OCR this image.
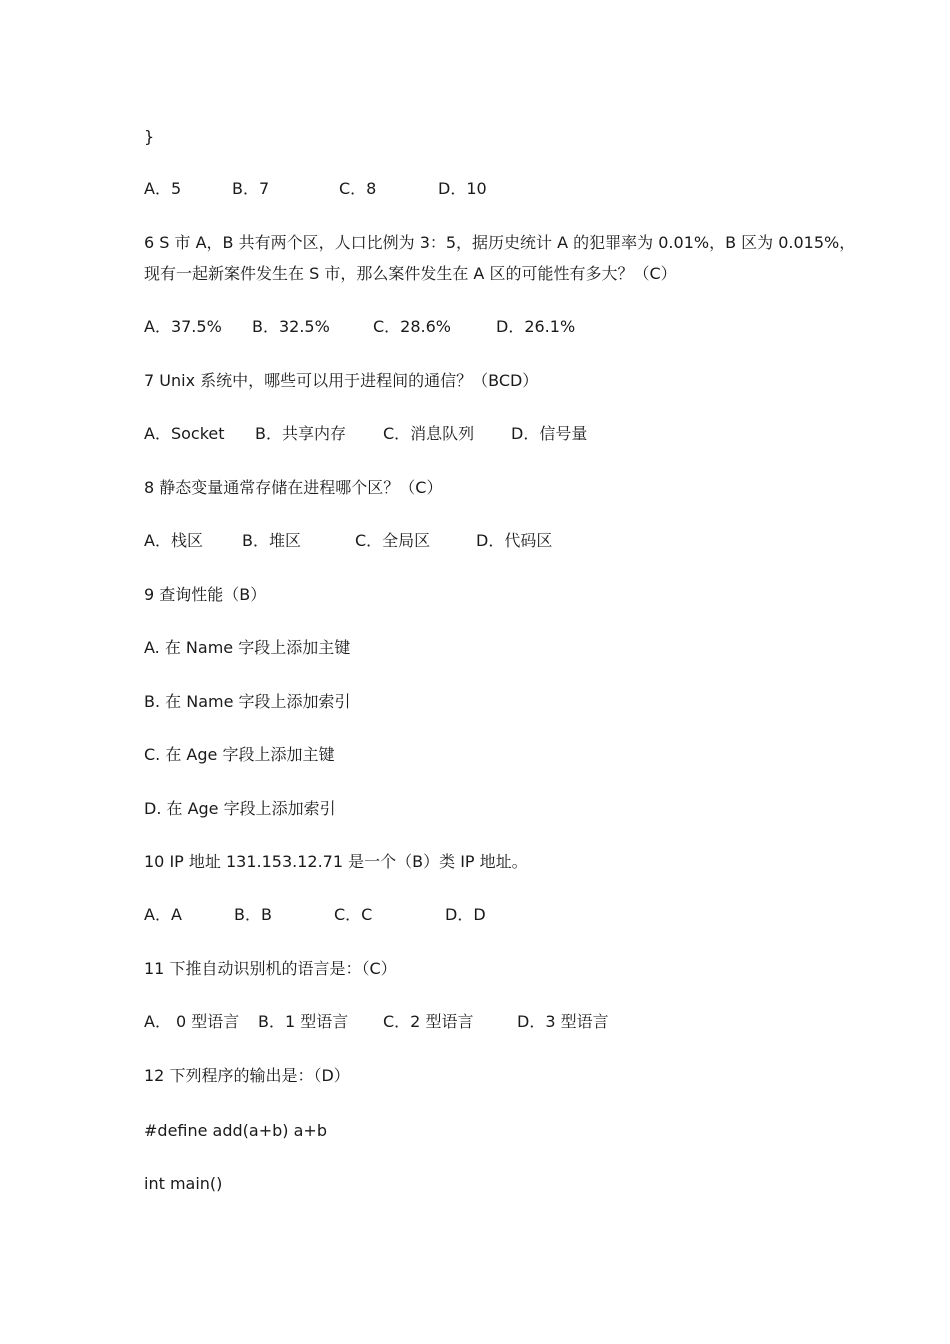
}
A．5	B．7	C．8	D．10
6 S 市 A，B 共有两个区，人口比例为 3：5，据历史统计 A 的犯罪率为 0.01%，B 区为 0.015%，
现有一起新案件发生在 S 市，那么案件发生在 A 区的可能性有多大？（C）
A．37.5% B．32.5%	C．28.6%	D．26.1%
7 Unix 系统中，哪些可以用于进程间的通信？（BCD）
A．Socket B．共享内存 C．消息队列 D．信号量
8 静态变量通常存储在进程哪个区？（C）
A．栈区 B．堆区	C．全局区	D．代码区
9 查询性能（B）
A. 在 Name 字段上添加主键
B. 在 Name 字段上添加索引
C. 在 Age 字段上添加主键
D. 在 Age 字段上添加索引
10 IP 地址 131.153.12.71 是一个（B）类 IP 地址。
A．A	B．B	C．C	D．D
11 下推自动识别机的语言是：（C）
A． 0 型语言 B．1 型语言 C．2 型语言	D．3 型语言
12 下列程序的输出是：（D）
#define add(a+b) a+b
int main()
